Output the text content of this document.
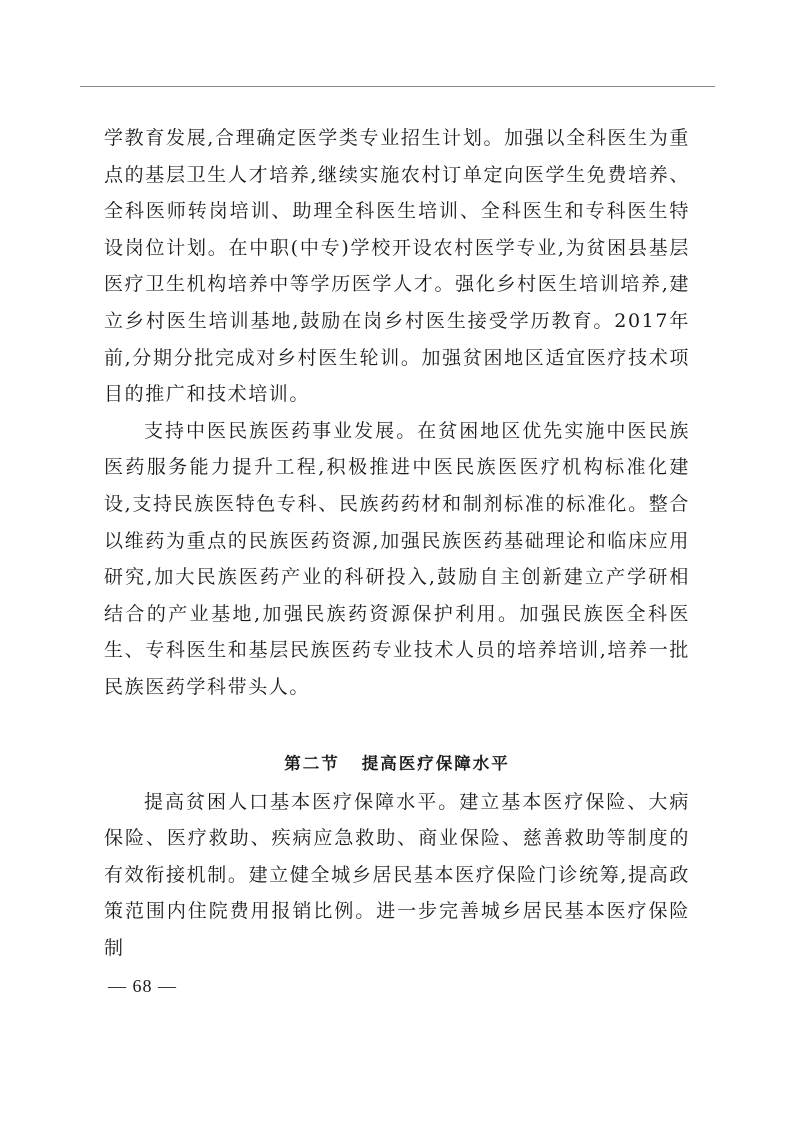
学教育发展,合理确定医学类专业招生计划。加强以全科医生为重点的基层卫生人才培养,继续实施农村订单定向医学生免费培养、全科医师转岗培训、助理全科医生培训、全科医生和专科医生特设岗位计划。在中职(中专)学校开设农村医学专业,为贫困县基层医疗卫生机构培养中等学历医学人才。强化乡村医生培训培养,建立乡村医生培训基地,鼓励在岗乡村医生接受学历教育。2017年前,分期分批完成对乡村医生轮训。加强贫困地区适宜医疗技术项目的推广和技术培训。

支持中医民族医药事业发展。在贫困地区优先实施中医民族医药服务能力提升工程,积极推进中医民族医医疗机构标准化建设,支持民族医特色专科、民族药药材和制剂标准的标准化。整合以维药为重点的民族医药资源,加强民族医药基础理论和临床应用研究,加大民族医药产业的科研投入,鼓励自主创新建立产学研相结合的产业基地,加强民族药资源保护利用。加强民族医全科医生、专科医生和基层民族医药专业技术人员的培养培训,培养一批民族医药学科带头人。

第二节 提高医疗保障水平

提高贫困人口基本医疗保障水平。建立基本医疗保险、大病保险、医疗救助、疾病应急救助、商业保险、慈善救助等制度的有效衔接机制。建立健全城乡居民基本医疗保险门诊统筹,提高政策范围内住院费用报销比例。进一步完善城乡居民基本医疗保险制

— 68 —
